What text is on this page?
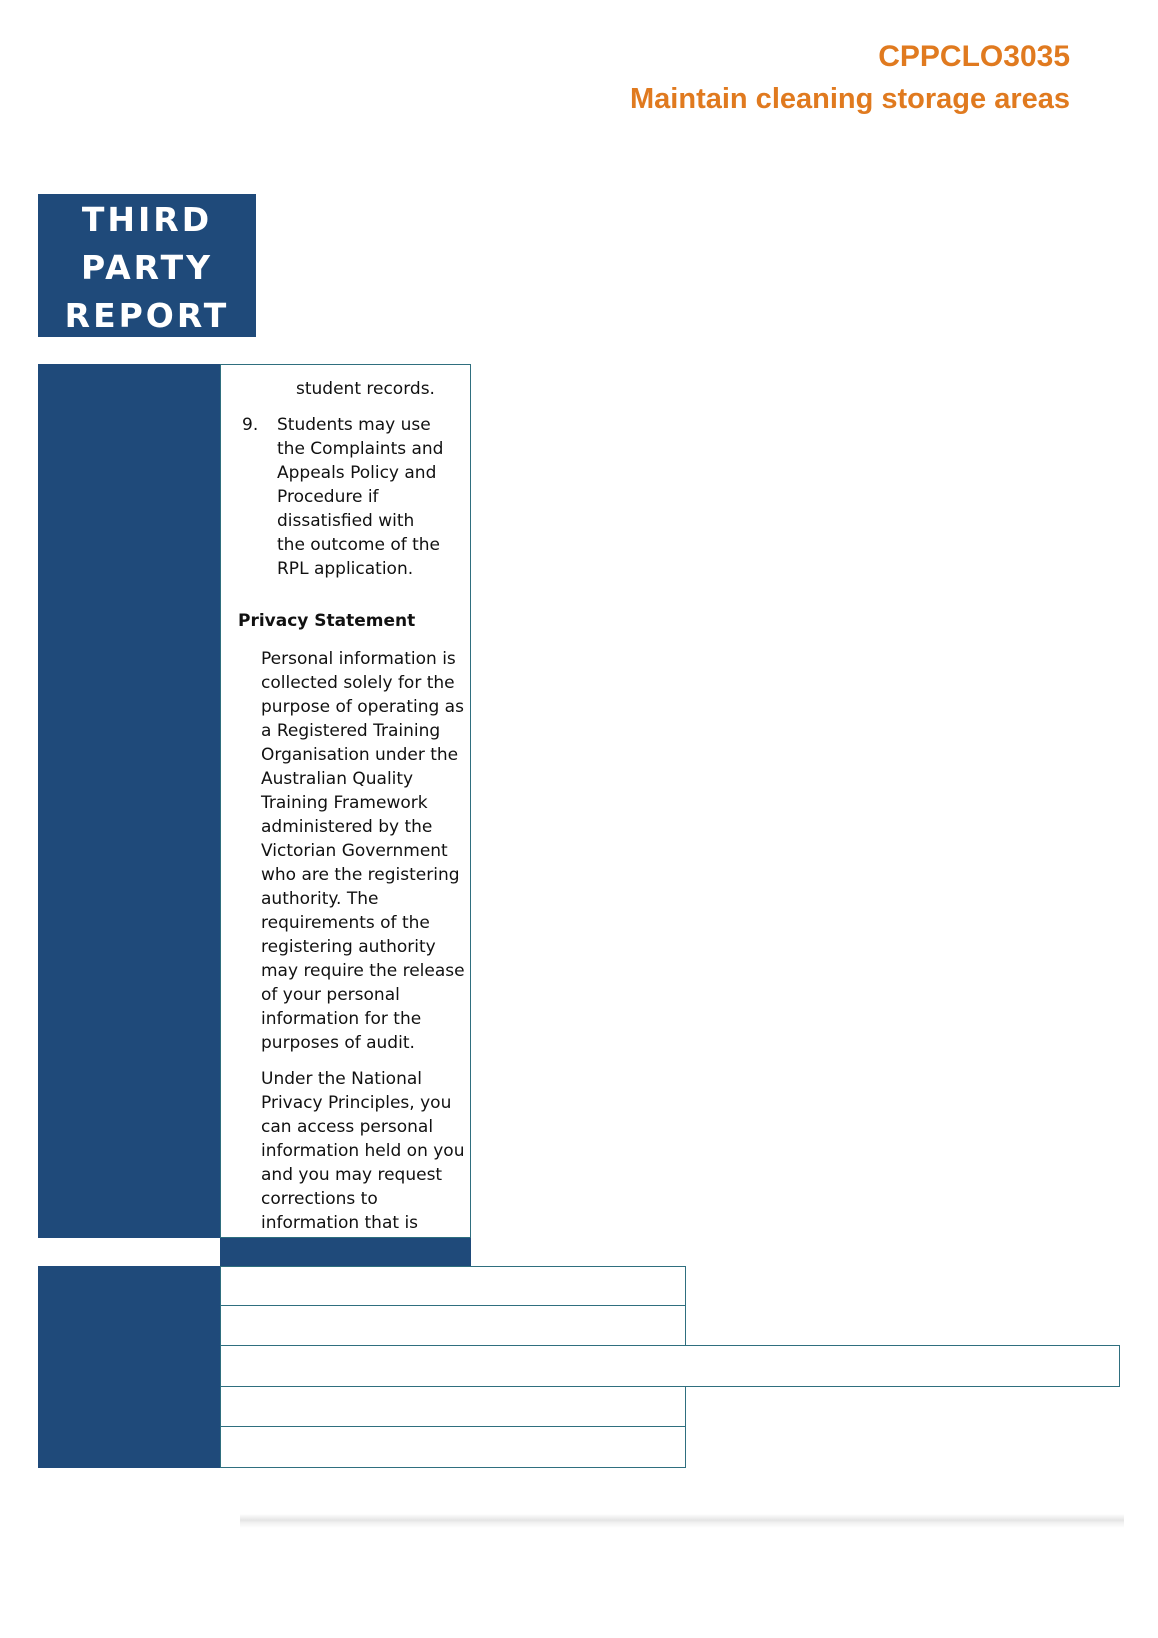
CPPCLO3035
Maintain cleaning storage areas
THIRD
PARTY
REPORT
student records.
9.	Students may use the Complaints and Appeals Policy and Procedure if dissatisfied with the outcome of the RPL application.
Privacy Statement
Personal information is collected solely for the purpose of operating as a Registered Training Organisation under the Australian Quality Training Framework administered by the Victorian Government who are the registering authority. The requirements of the registering authority may require the release of your personal information for the purposes of audit.
Under the National Privacy Principles, you can access personal information held on you and you may request corrections to information that is
